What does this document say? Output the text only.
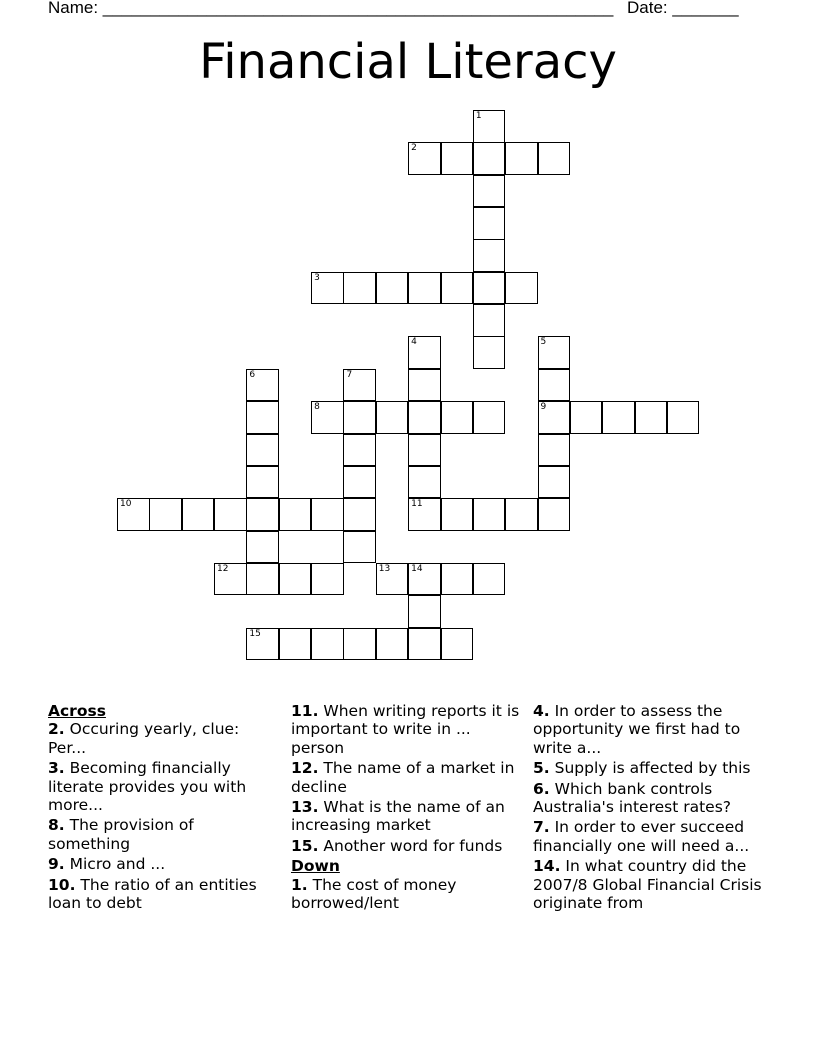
Name: ______________________________________________________ Date: _______
Financial Literacy
1
2
3
4
11
5
9
6	7
8
10
12	13 14
15
Across
2. Occuring yearly, clue: Per...
3. Becoming financially literate provides you with more...
8. The provision of something
9. Micro and ...
10. The ratio of an entities loan to debt
11. When writing reports it is important to write in ... person
12. The name of a market in decline
13. What is the name of an increasing market
15. Another word for funds
Down
1. The cost of money borrowed/lent
4. In order to assess the opportunity we first had to write a...
5. Supply is affected by this
6. Which bank controls Australia's interest rates?
7. In order to ever succeed financially one will need a...
14. In what country did the 2007/8 Global Financial Crisis originate from
